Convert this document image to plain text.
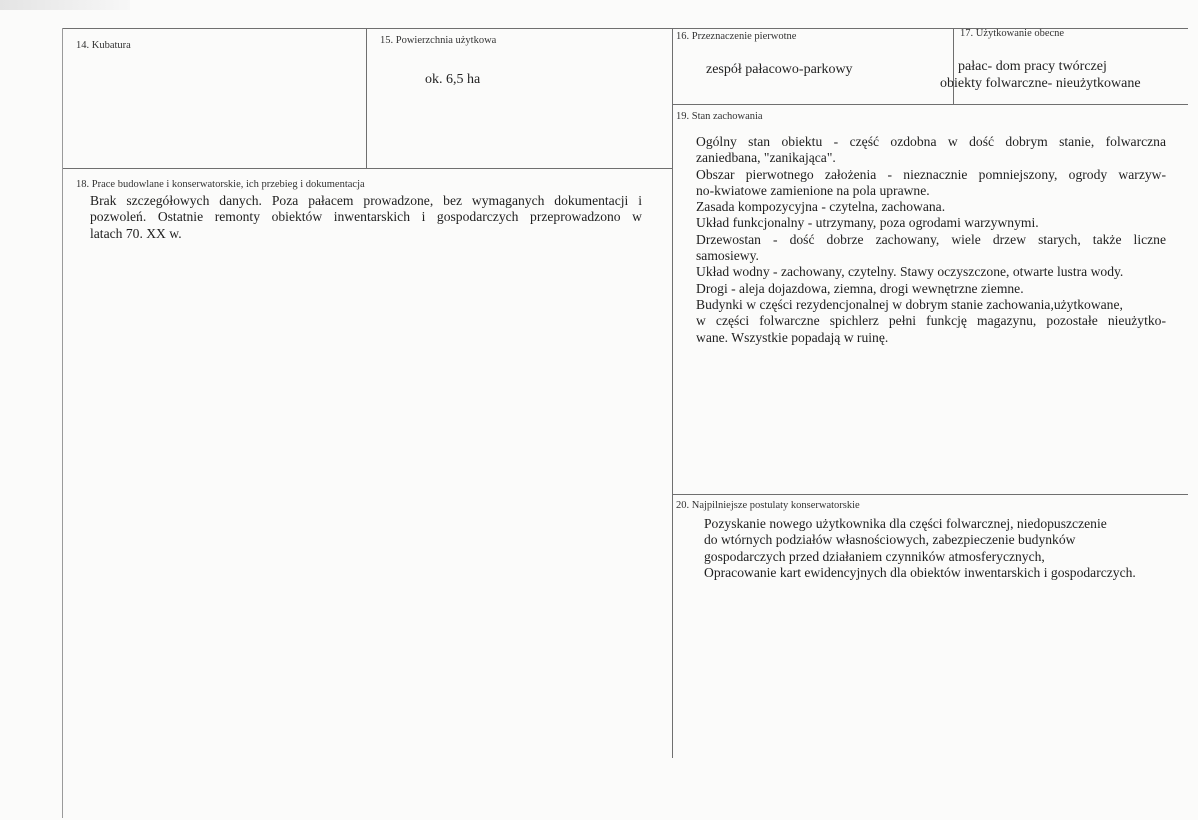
14. Kubatura	15. Powierzchnia użytkowa
ok. 6,5 ha
16. Przeznaczenie pierwotne
zespół pałacowo-parkowy
17. Użytkowanie obecne
pałac- dom pracy twórczej
obiekty folwarczne- nieużytkowane
19. Stan zachowania
Ogólny stan obiektu - część ozdobna w dość dobrym stanie, folwarczna
zaniedbana, "zanikająca".
Obszar pierwotnego założenia - nieznacznie pomniejszony, ogrody warzyw-
no-kwiatowe zamienione na pola uprawne.
Zasada kompozycyjna - czytelna, zachowana.
Układ funkcjonalny - utrzymany, poza ogrodami warzywnymi.
Drzewostan - dość dobrze zachowany, wiele drzew starych, także liczne
samosiewy.
Układ wodny - zachowany, czytelny. Stawy oczyszczone, otwarte lustra wody.
Drogi - aleja dojazdowa, ziemna, drogi wewnętrzne ziemne.
Budynki w części rezydencjonalnej w dobrym stanie zachowania,użytkowane,
w części folwarczne spichlerz pełni funkcję magazynu, pozostałe nieużytko-
wane. Wszystkie popadają w ruinę.
18. Prace budowlane i konserwatorskie, ich przebieg i dokumentacja
Brak szczegółowych danych. Poza pałacem prowadzone, bez wymaganych dokumentacji i
pozwoleń. Ostatnie remonty obiektów inwentarskich i gospodarczych przeprowadzono w
latach 70. XX w.
20. Najpilniejsze postulaty konserwatorskie
Pozyskanie nowego użytkownika dla części folwarcznej, niedopuszczenie
do wtórnych podziałów własnościowych, zabezpieczenie budynków
gospodarczych przed działaniem czynników atmosferycznych,
Opracowanie kart ewidencyjnych dla obiektów inwentarskich i gospodarczych.
